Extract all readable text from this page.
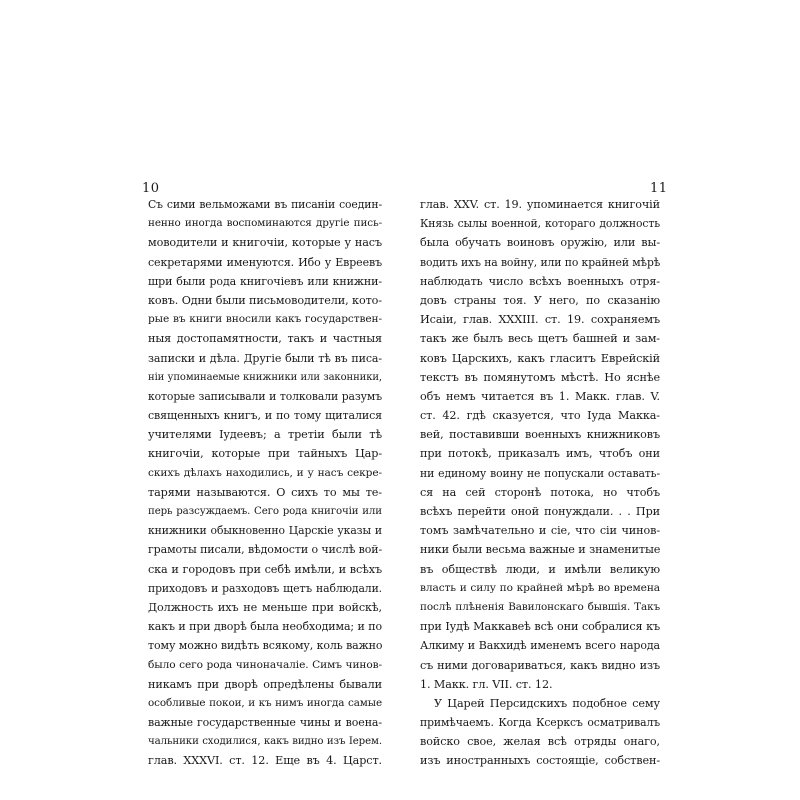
10	11
Съ сими вельможами въ писаніи соедин-
ненно иногда воспоминаются другіе пись-
моводители и книгочіи, которые у насъ
секретарями именуются. Ибо у Евреевъ
шри были рода книгочіевъ или книжни-
ковъ. Одни были письмоводители, кото-
рые въ книги вносили какъ государствен-
ныя достопамятности, такъ и частныя
записки и дѣла. Другіе были тѣ въ писа-
ніи упоминаемые книжники или законники,
которые записывали и толковали разумъ
священныхъ книгъ, и по тому щиталися
учителями Іудеевъ; а третіи были тѣ
книгочіи, которые при тайныхъ Цар-
скихъ дѣлахъ находились, и у насъ секре-
тарями называются. О сихъ то мы те-
перь разсуждаемъ. Сего рода книгочіи или
книжники обыкновенно Царскіе указы и
грамоты писали, вѣдомости о числѣ вой-
ска и городовъ при себѣ имѣли, и всѣхъ
приходовъ и разходовъ щетъ наблюдали.
Должность ихъ не меньше при войскѣ,
какъ и при дворѣ была необходима; и по
тому можно видѣть всякому, коль важно
было сего рода чиноначаліе. Симъ чинов-
никамъ при дворѣ опредѣлены бывали
особливые покои, и къ нимъ иногда самые
важные государственные чины и военa-
чальники сходилися, какъ видно изъ Іерем.
глав. XXXVI. ст. 12. Еще въ 4. Царст.
глав. XXV. ст. 19. упоминается книгочій
Князь сылы военной, котораго должность
была обучать воиновъ оружію, или вы-
водить ихъ на войну, или по крайней мѣрѣ
наблюдать число всѣхъ военныхъ отря-
довъ страны тоя. У него, по сказанію
Исаіи, глав. XXXIII. ст. 19. сохраняемъ
такъ же былъ весь щетъ башней и зам-
ковъ Царскихъ, какъ гласитъ Еврейскій
текстъ въ помянутомъ мѣстѣ. Но яснѣе
объ немъ читается въ 1. Макк. глав. V.
ст. 42. гдѣ сказуется, что Іуда Макка-
вей, поставивши военныхъ книжниковъ
при потокѣ, приказалъ имъ, чтобъ они
ни единому воину не попускали оставать-
ся на сей сторонѣ потока, но чтобъ
всѣхъ перейти оной понуждали. . . При
томъ замѣчательно и сіе, что сіи чинов-
ники были весьма важные и знаменитые
въ обществѣ люди, и имѣли великую
власть и силу по крайней мѣрѣ во времена
послѣ плѣненія Вавилонскаго бывшія. Такъ
при Іудѣ Маккавеѣ всѣ они собралися къ
Алкиму и Вакхидѣ именемъ всего народа
съ ними договариваться, какъ видно изъ
1. Макк. гл. VII. ст. 12.
У Царей Персидскихъ подобное сему
примѣчаемъ. Когда Ксерксъ осматривалъ
войско свое, желая всѣ отряды онаго,
изъ иностранныхъ состоящіе, собствен-
